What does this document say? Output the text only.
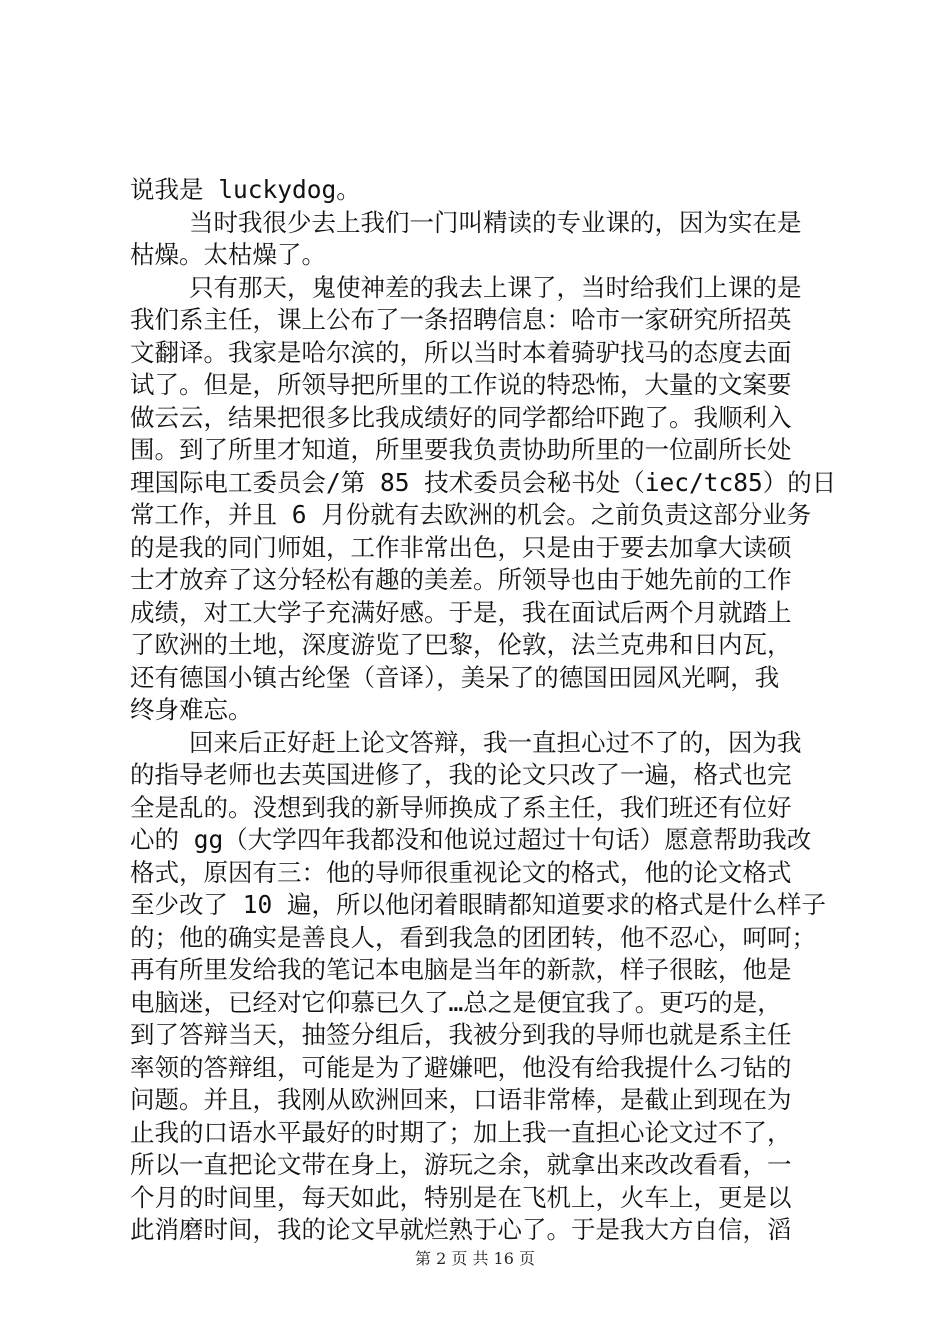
说我是 luckydog。
当时我很少去上我们一门叫精读的专业课的，因为实在是
枯燥。太枯燥了。
只有那天，鬼使神差的我去上课了，当时给我们上课的是
我们系主任，课上公布了一条招聘信息：哈市一家研究所招英
文翻译。我家是哈尔滨的，所以当时本着骑驴找马的态度去面
试了。但是，所领导把所里的工作说的特恐怖，大量的文案要
做云云，结果把很多比我成绩好的同学都给吓跑了。我顺利入
围。到了所里才知道，所里要我负责协助所里的一位副所长处
理国际电工委员会/第 85 技术委员会秘书处（iec/tc85）的日
常工作，并且 6 月份就有去欧洲的机会。之前负责这部分业务
的是我的同门师姐，工作非常出色，只是由于要去加拿大读硕
士才放弃了这分轻松有趣的美差。所领导也由于她先前的工作
成绩，对工大学子充满好感。于是，我在面试后两个月就踏上
了欧洲的土地，深度游览了巴黎，伦敦，法兰克弗和日内瓦，
还有德国小镇古纶堡（音译），美呆了的德国田园风光啊，我
终身难忘。
回来后正好赶上论文答辩，我一直担心过不了的，因为我
的指导老师也去英国进修了，我的论文只改了一遍，格式也完
全是乱的。没想到我的新导师换成了系主任，我们班还有位好
心的 gg（大学四年我都没和他说过超过十句话）愿意帮助我改
格式，原因有三：他的导师很重视论文的格式，他的论文格式
至少改了 10 遍，所以他闭着眼睛都知道要求的格式是什么样子
的；他的确实是善良人，看到我急的团团转，他不忍心，呵呵；
再有所里发给我的笔记本电脑是当年的新款，样子很眩，他是
电脑迷，已经对它仰慕已久了…总之是便宜我了。更巧的是，
到了答辩当天，抽签分组后，我被分到我的导师也就是系主任
率领的答辩组，可能是为了避嫌吧，他没有给我提什么刁钻的
问题。并且，我刚从欧洲回来，口语非常棒，是截止到现在为
止我的口语水平最好的时期了；加上我一直担心论文过不了，
所以一直把论文带在身上，游玩之余，就拿出来改改看看，一
个月的时间里，每天如此，特别是在飞机上，火车上，更是以
此消磨时间，我的论文早就烂熟于心了。于是我大方自信，滔
第 2 页 共 16 页
